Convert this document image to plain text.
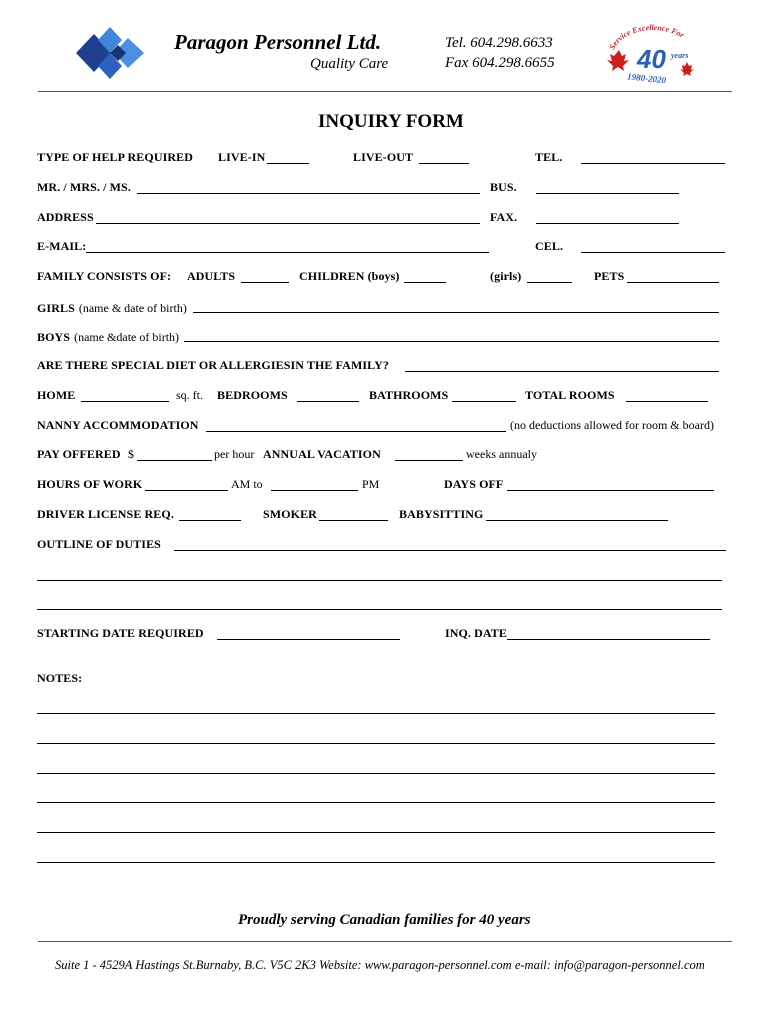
Paragon Personnel Ltd.
Quality Care
Tel. 604.298.6633
Fax 604.298.6655
Service Excellence For
40 years
1980-2020
INQUIRY FORM
TYPE OF HELP REQUIRED LIVE-IN	LIVE-OUT	TEL.
MR. / MRS. / MS.	BUS.
ADDRESS	FAX.
E-MAIL:	CEL.
FAMILY CONSISTS OF: ADULTS	CHILDREN (boys)	(girls)	PETS
GIRLS (name & date of birth)
BOYS (name &date of birth)
ARE THERE SPECIAL DIET OR ALLERGIESIN THE FAMILY?
HOME	sq. ft. BEDROOMS	BATHROOMS	TOTAL ROOMS
NANNY ACCOMMODATION	(no deductions allowed for room & board)
PAY OFFERED $	per hour ANNUAL VACATION	weeks annualy
HOURS OF WORK	AM to	PM	DAYS OFF
DRIVER LICENSE REQ.	SMOKER	BABYSITTING
OUTLINE OF DUTIES
STARTING DATE REQUIRED	INQ. DATE
NOTES:
Proudly serving Canadian families for 40 years
Suite 1 - 4529A Hastings St.Burnaby, B.C. V5C 2K3 Website: www.paragon-personnel.com e-mail: info@paragon-personnel.com
